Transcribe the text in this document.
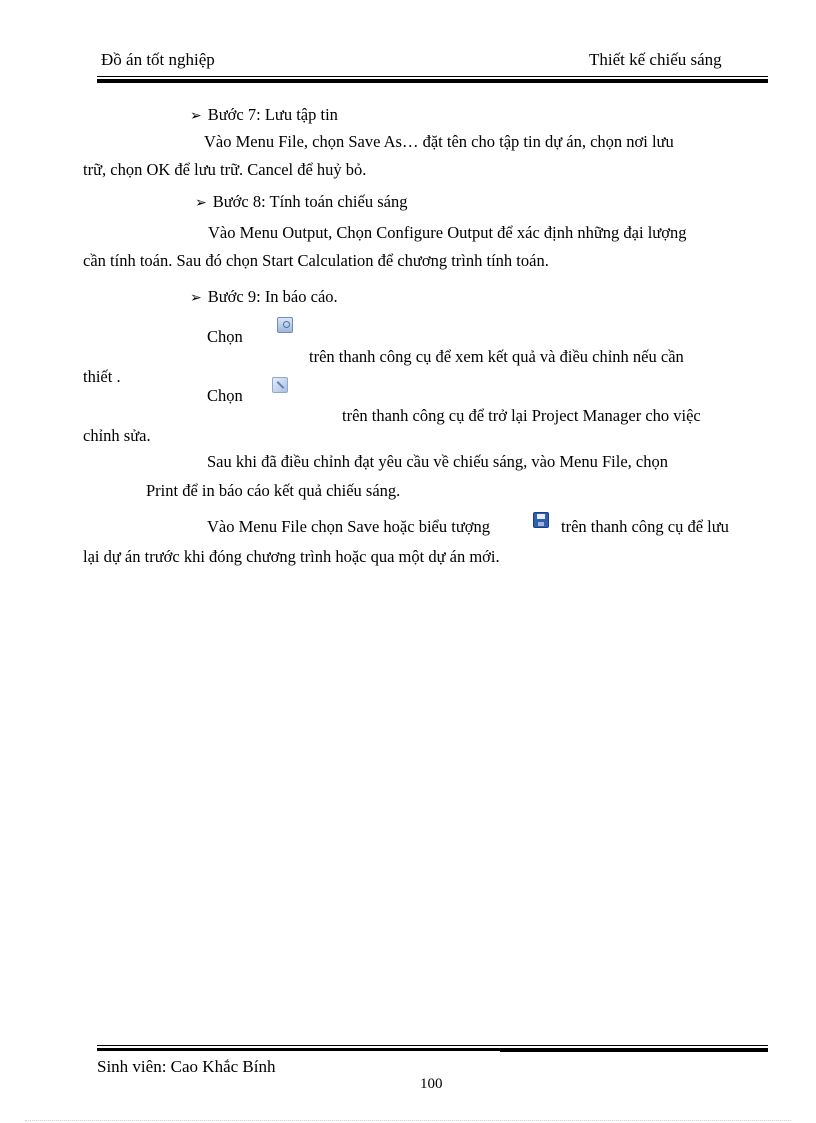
Đồ án tốt nghiệp	Thiết kế chiếu sáng
➢ Bước 7: Lưu tập tin
Vào Menu File, chọn Save As… đặt tên cho tập tin dự án, chọn nơi lưu
trữ, chọn OK để lưu trữ. Cancel để huỷ bỏ.
➢ Bước 8: Tính toán chiếu sáng
Vào Menu Output, Chọn Configure Output để xác định những đại lượng
cần tính toán. Sau đó chọn Start Calculation để chương trình tính toán.
➢ Bước 9: In báo cáo.
Chọn
trên thanh công cụ để xem kết quả và điều chỉnh nếu cần
thiết .
Chọn
trên thanh công cụ để trở lại Project Manager cho việc
chỉnh sửa.
Sau khi đã điều chỉnh đạt yêu cầu về chiếu sáng, vào Menu File, chọn
Print để in báo cáo kết quả chiếu sáng.
Vào Menu File chọn Save hoặc biểu tượng	trên thanh công cụ để lưu
lại dự án trước khi đóng chương trình hoặc qua một dự án mới.
Sinh viên: Cao Khắc Bính
100
